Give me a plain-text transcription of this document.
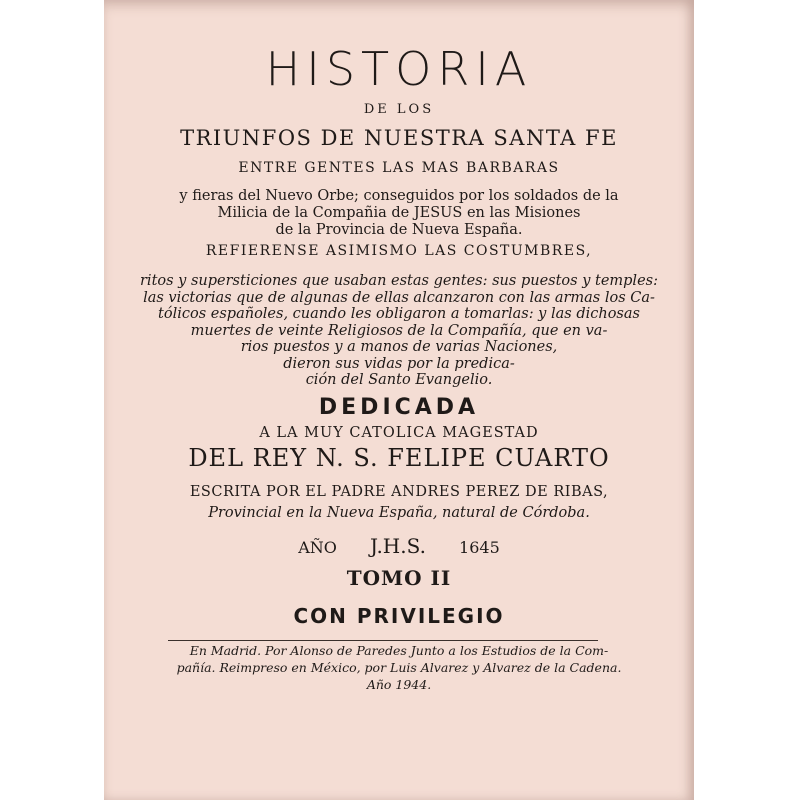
HISTORIA
DE LOS
TRIUNFOS DE NUESTRA SANTA FE
ENTRE GENTES LAS MAS BARBARAS
y fieras del Nuevo Orbe; conseguidos por los soldados de la
Milicia de la Compañia de JESUS en las Misiones
de la Provincia de Nueva España.
REFIERENSE ASIMISMO LAS COSTUMBRES,
ritos y supersticiones que usaban estas gentes: sus puestos y temples:
las victorias que de algunas de ellas alcanzaron con las armas los Ca-
tólicos españoles, cuando les obligaron a tomarlas: y las dichosas
muertes de veinte Religiosos de la Compañía, que en va-
rios puestos y a manos de varias Naciones,
dieron sus vidas por la predica-
ción del Santo Evangelio.
DEDICADA
A LA MUY CATOLICA MAGESTAD
DEL REY N. S. FELIPE CUARTO
ESCRITA POR EL PADRE ANDRES PEREZ DE RIBAS,
Provincial en la Nueva España, natural de Córdoba.
AÑO J.H.S. 1645
TOMO II
CON PRIVILEGIO
En Madrid. Por Alonso de Paredes Junto a los Estudios de la Com-
pañía. Reimpreso en México, por Luis Alvarez y Alvarez de la Cadena.
Año 1944.
